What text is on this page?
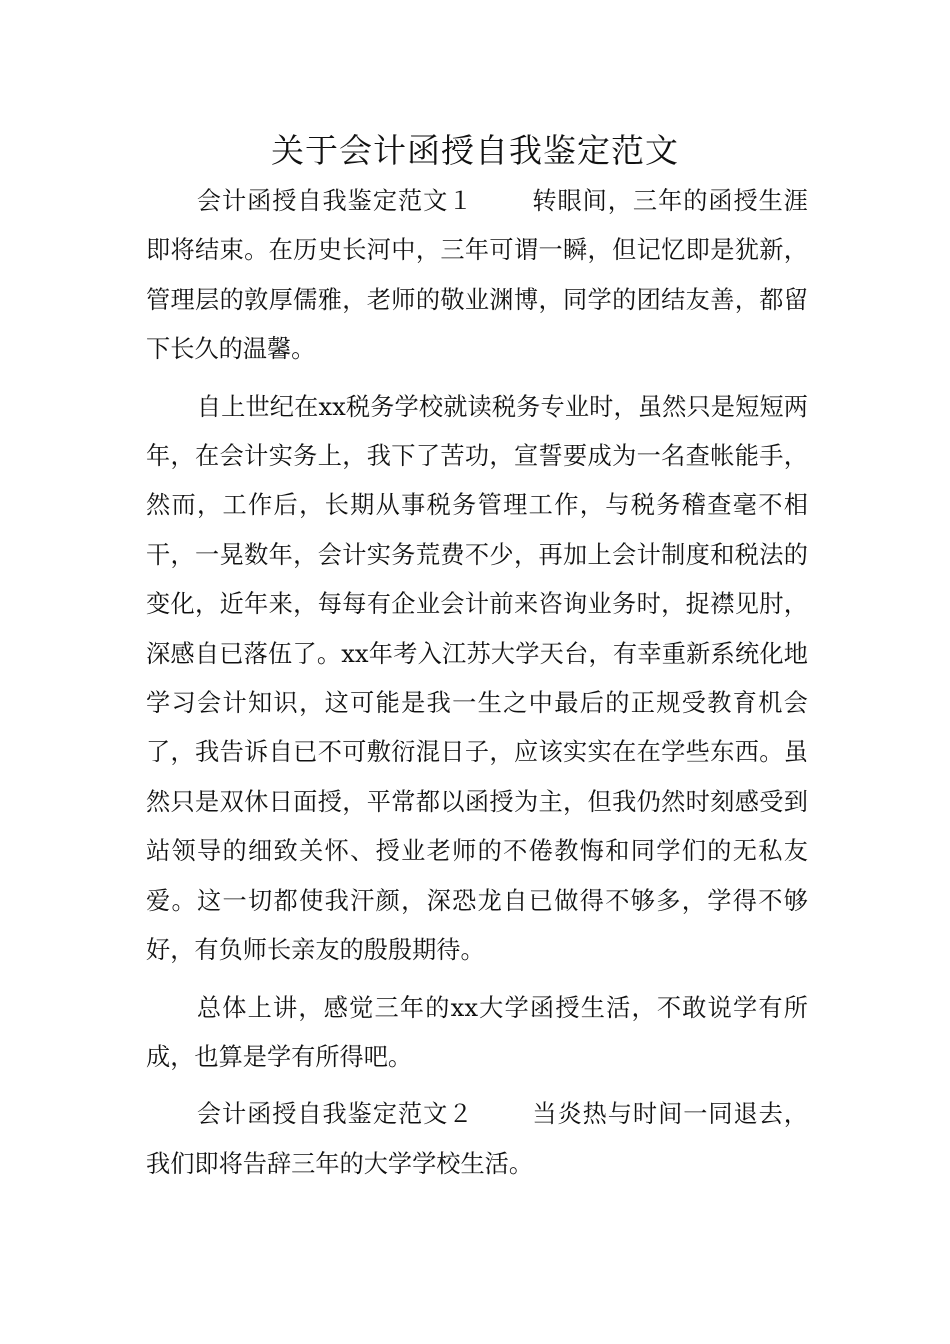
关于会计函授自我鉴定范文

会计函授自我鉴定范文１ 转眼间，三年的函授生涯即将结束。在历史长河中，三年可谓一瞬，但记忆即是犹新，管理层的敦厚儒雅，老师的敬业渊博，同学的团结友善，都留下长久的温馨。

自上世纪在xx税务学校就读税务专业时，虽然只是短短两年，在会计实务上，我下了苦功，宣誓要成为一名查帐能手，然而，工作后，长期从事税务管理工作，与税务稽查毫不相干，一晃数年，会计实务荒费不少，再加上会计制度和税法的变化，近年来，每每有企业会计前来咨询业务时，捉襟见肘，深感自已落伍了。xx年考入江苏大学天台，有幸重新系统化地学习会计知识，这可能是我一生之中最后的正规受教育机会了，我告诉自已不可敷衍混日子，应该实实在在学些东西。虽然只是双休日面授，平常都以函授为主，但我仍然时刻感受到站领导的细致关怀、授业老师的不倦教悔和同学们的无私友爱。这一切都使我汗颜，深恐龙自已做得不够多，学得不够好，有负师长亲友的殷殷期待。

总体上讲，感觉三年的xx大学函授生活，不敢说学有所成，也算是学有所得吧。

会计函授自我鉴定范文２ 当炎热与时间一同退去，我们即将告辞三年的大学学校生活。
